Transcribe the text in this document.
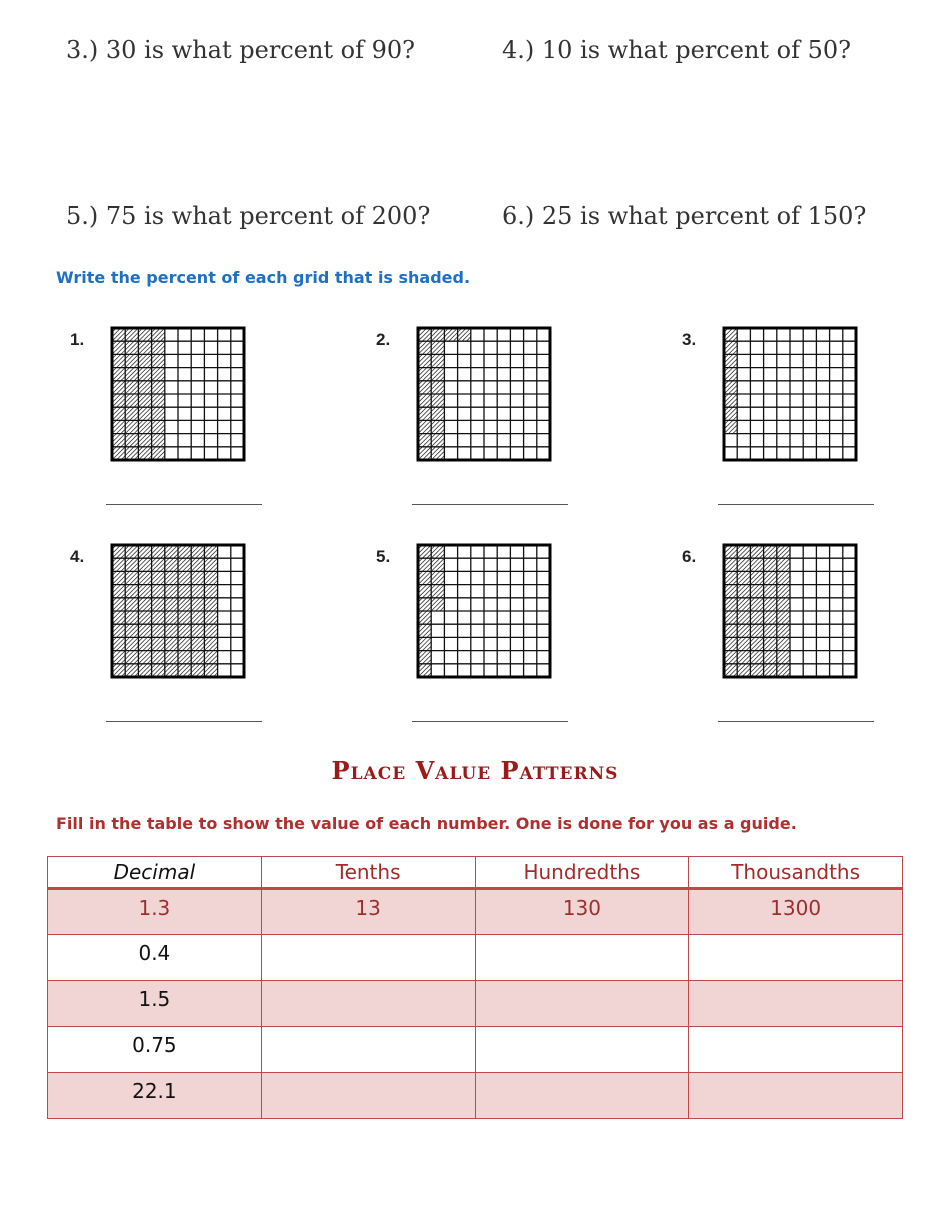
3.) 30 is what percent of 90?	4.) 10 is what percent of 50?
5.) 75 is what percent of 200?	6.) 25 is what percent of 150?
Write the percent of each grid that is shaded.
1.	2.	3.
4.	5.	6.
Place Value Patterns
Fill in the table to show the value of each number. One is done for you as a guide.
Decimal	Tenths	Hundredths	Thousandths
1.3	13	130	1300
0.4			
1.5			
0.75			
22.1			
